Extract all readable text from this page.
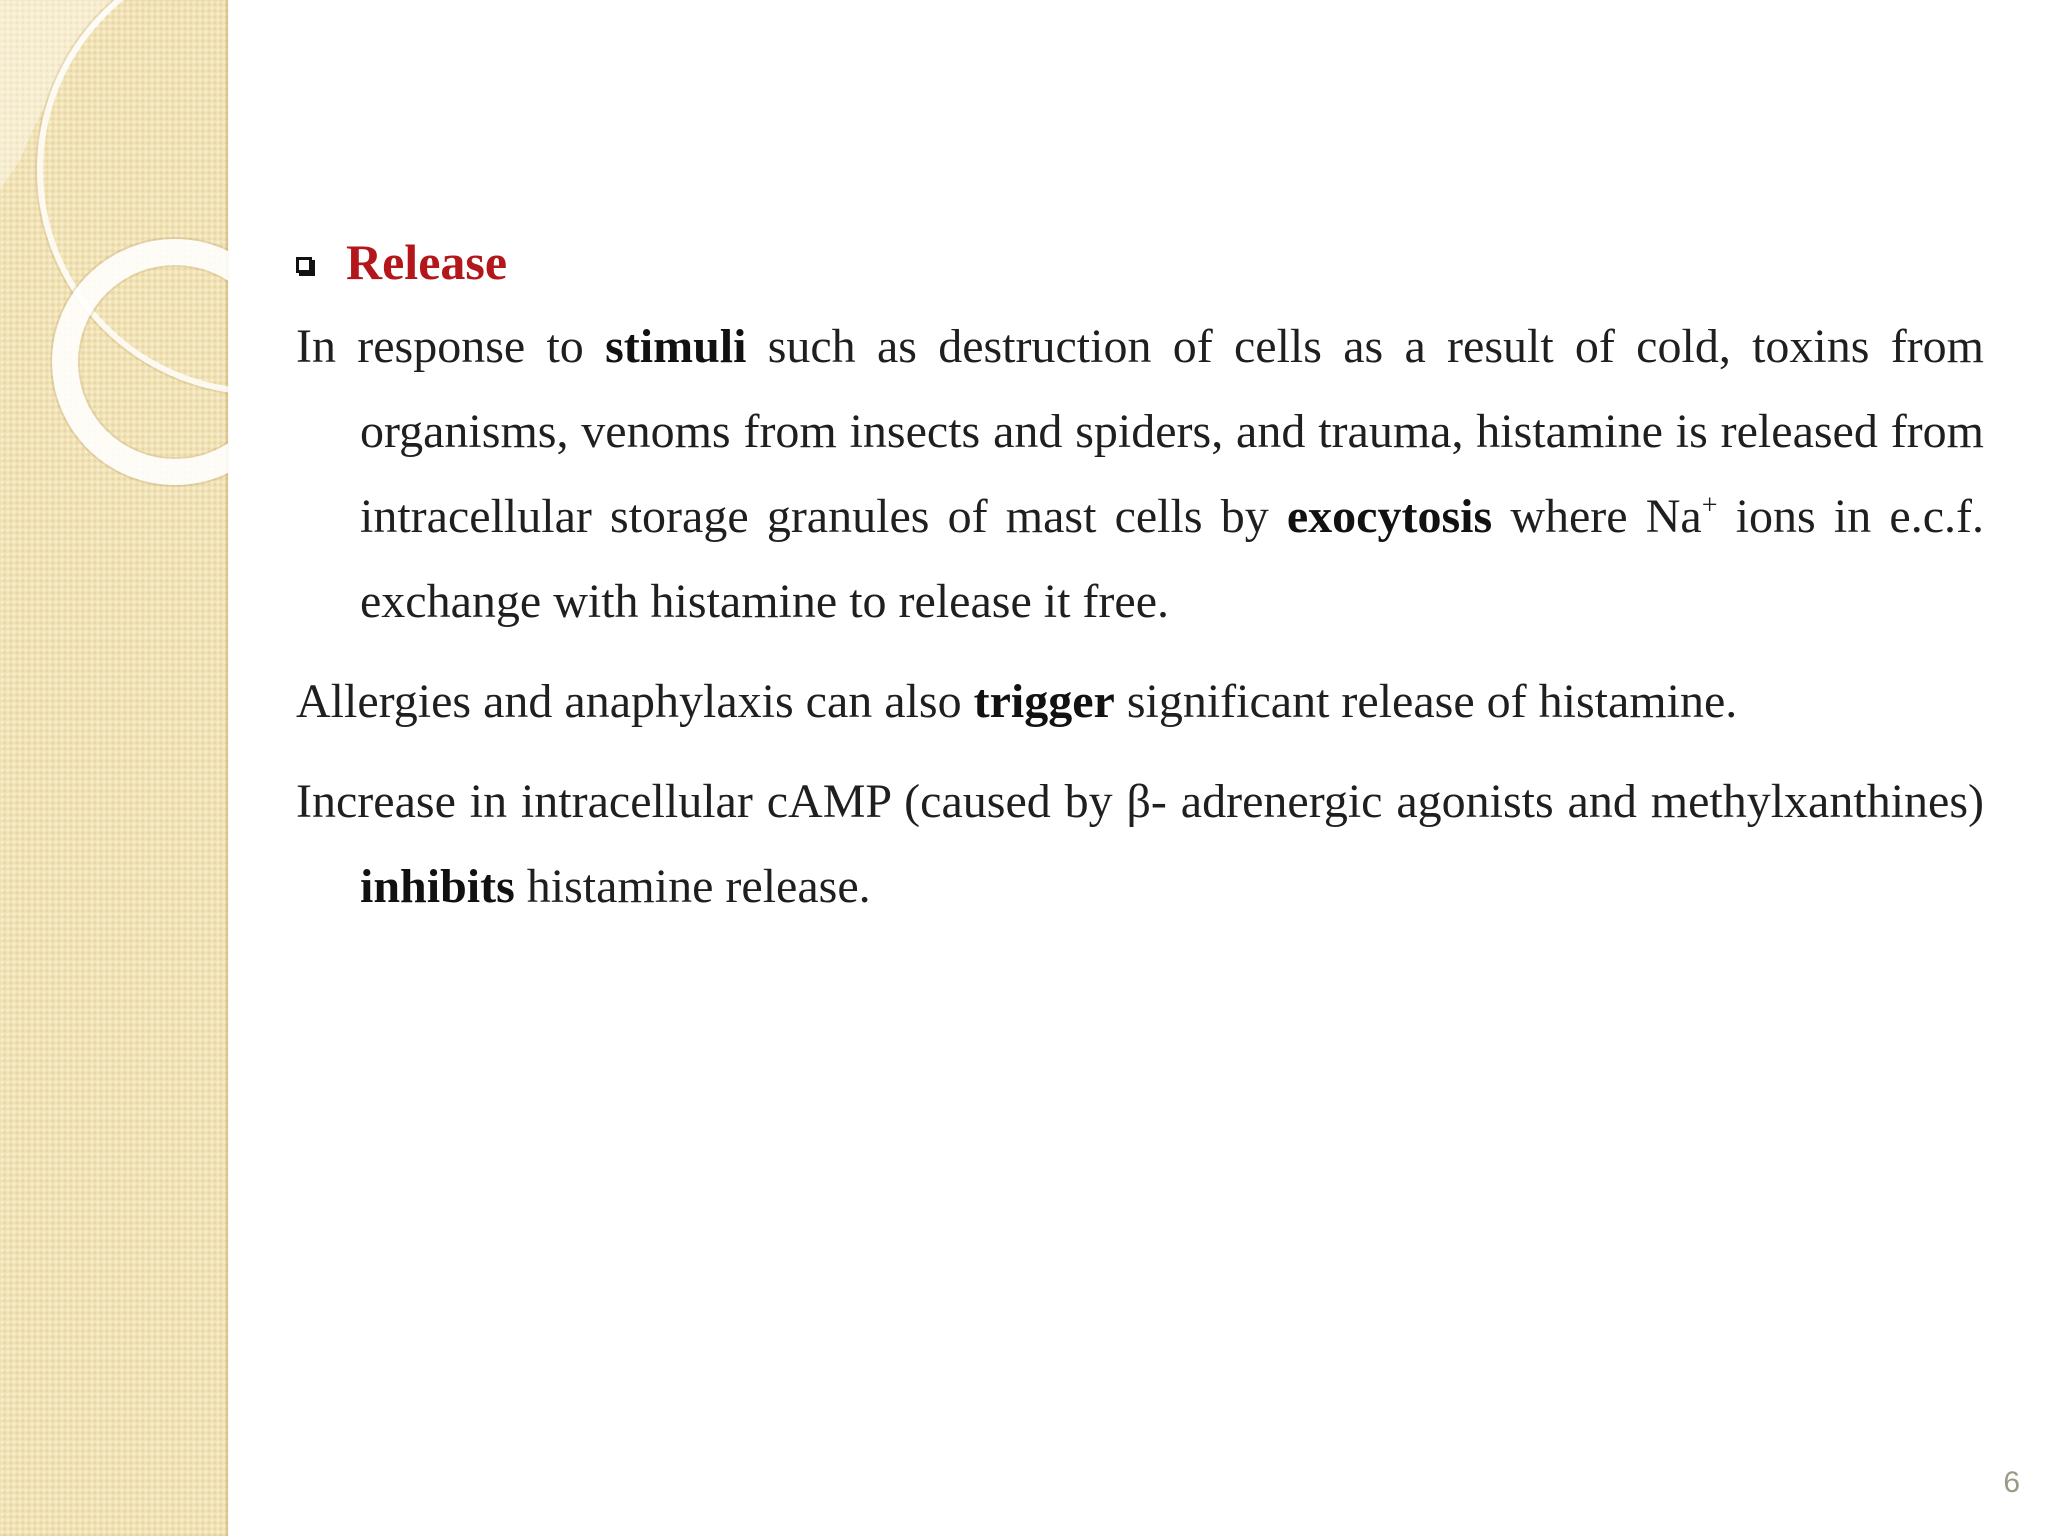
Release

In response to stimuli such as destruction of cells as a result of cold, toxins from organisms, venoms from insects and spiders, and trauma, histamine is released from intracellular storage granules of mast cells by exocytosis where Na+ ions in e.c.f. exchange with histamine to release it free.

Allergies and anaphylaxis can also trigger significant release of histamine.

Increase in intracellular cAMP (caused by β- adrenergic agonists and methylxanthines) inhibits histamine release.

6
